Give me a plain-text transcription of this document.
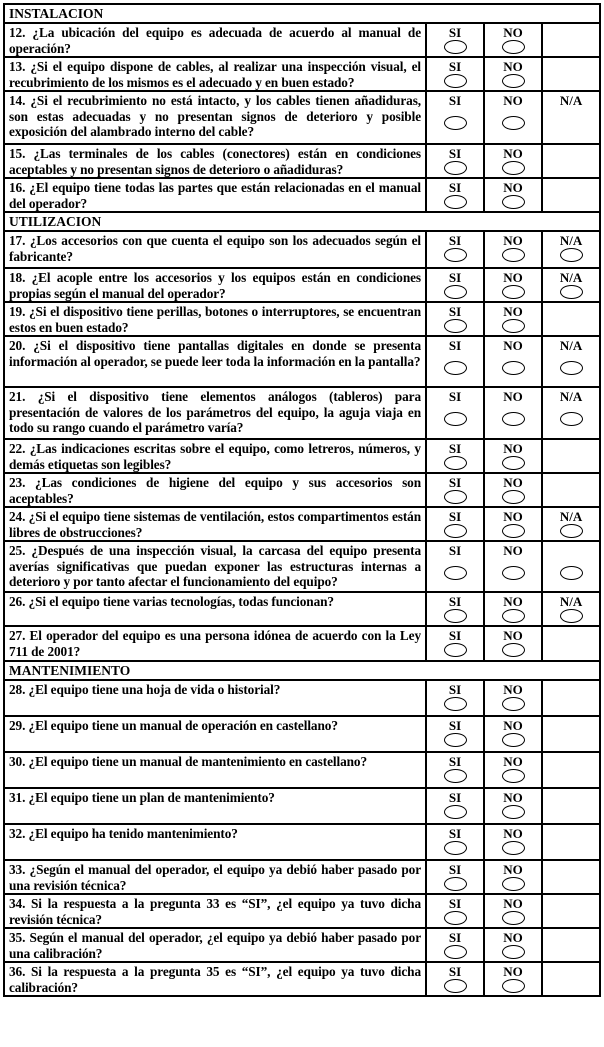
INSTALACION			
12. ¿La ubicación del equipo es adecuada de acuerdo al manual de operación?	SI	NO	

13. ¿Si el equipo dispone de cables, al realizar una inspección visual, el recubrimiento de los mismos es el adecuado y en buen estado?	SI	NO	

14. ¿Si el recubrimiento no está intacto, y los cables tienen añadiduras, son estas adecuadas y no presentan signos de deterioro y posible exposición del alambrado interno del cable?	SI	NO	N/A

15. ¿Las terminales de los cables (conectores) están en condiciones aceptables y no presentan signos de deterioro o añadiduras?	SI	NO	

16. ¿El equipo tiene todas las partes que están relacionadas en el manual del operador?	SI	NO	

UTILIZACION			
17. ¿Los accesorios con que cuenta el equipo son los adecuados según el fabricante?	SI	NO	N/A

18. ¿El acople entre los accesorios y los equipos están en condiciones propias según el manual del operador?	SI	NO	N/A

19. ¿Si el dispositivo tiene perillas, botones o interruptores, se encuentran estos en buen estado?	SI	NO	

20. ¿Si el dispositivo tiene pantallas digitales en donde se presenta información al operador, se puede leer toda la información en la pantalla?	SI	NO	N/A

21. ¿Si el dispositivo tiene elementos análogos (tableros) para presentación de valores de los parámetros del equipo, la aguja viaja en todo su rango cuando el parámetro varía?	SI	NO	N/A

22. ¿Las indicaciones escritas sobre el equipo, como letreros, números, y demás etiquetas son legibles?	SI	NO	

23. ¿Las condiciones de higiene del equipo y sus accesorios son aceptables?	SI	NO	

24. ¿Si el equipo tiene sistemas de ventilación, estos compartimentos están libres de obstrucciones?	SI	NO	N/A

25. ¿Después de una inspección visual, la carcasa del equipo presenta averías significativas que puedan exponer las estructuras internas a deterioro y por tanto afectar el funcionamiento del equipo?	SI	NO	

26. ¿Si el equipo tiene varias tecnologías, todas funcionan?	SI	NO	N/A

27. El operador del equipo es una persona idónea de acuerdo con la Ley 711 de 2001?	SI	NO	

MANTENIMIENTO			
28. ¿El equipo tiene una hoja de vida o historial?	SI	NO	

29. ¿El equipo tiene un manual de operación en castellano?	SI	NO	

30. ¿El equipo tiene un manual de mantenimiento en castellano?	SI	NO	

31. ¿El equipo tiene un plan de mantenimiento?	SI	NO	

32. ¿El equipo ha tenido mantenimiento?	SI	NO	

33. ¿Según el manual del operador, el equipo ya debió haber pasado por una revisión técnica?	SI	NO	

34. Si la respuesta a la pregunta 33 es “SI”, ¿el equipo ya tuvo dicha revisión técnica?	SI	NO	

35. Según el manual del operador, ¿el equipo ya debió haber pasado por una calibración?	SI	NO	

36. Si la respuesta a la pregunta 35 es “SI”, ¿el equipo ya tuvo dicha calibración?	SI	NO	
